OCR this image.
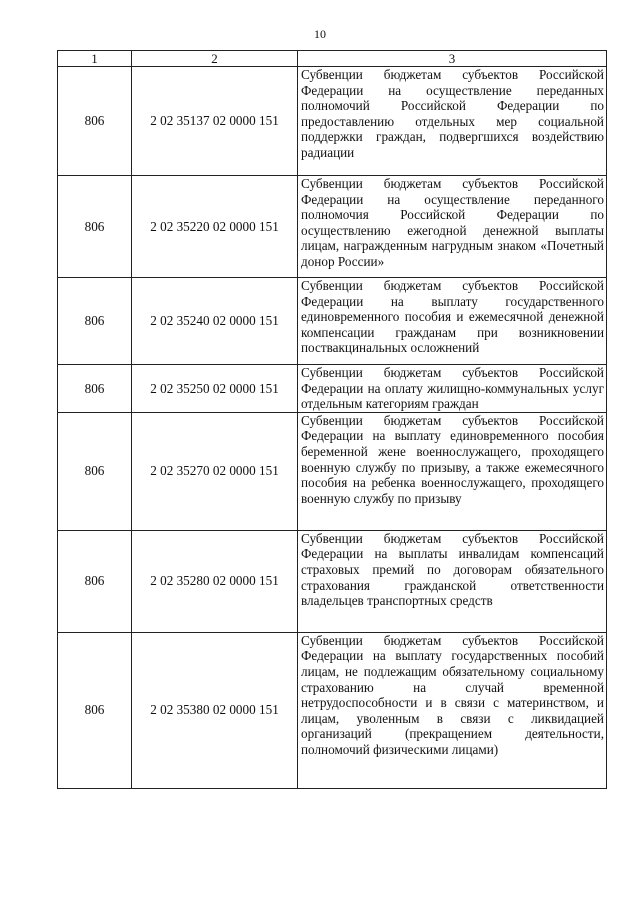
10
1	2	3
806	2 02 35137 02 0000 151	Субвенции бюджетам субъектов Российской Федерации на осуществление переданных полномочий Российской Федерации по предоставлению отдельных мер социальной поддержки граждан, подвергшихся воздействию радиации
806	2 02 35220 02 0000 151	Субвенции бюджетам субъектов Российской Федерации на осуществление переданного полномочия Российской Федерации по осуществлению ежегодной денежной выплаты лицам, награжденным нагрудным знаком «Почетный донор России»
806	2 02 35240 02 0000 151	Субвенции бюджетам субъектов Российской Федерации на выплату государственного единовременного пособия и ежемесячной денежной компенсации гражданам при возникновении поствакцинальных осложнений
806	2 02 35250 02 0000 151	Субвенции бюджетам субъектов Российской Федерации на оплату жилищно-коммунальных услуг отдельным категориям граждан
806	2 02 35270 02 0000 151	Субвенции бюджетам субъектов Российской Федерации на выплату единовременного пособия беременной жене военнослужащего, проходящего военную службу по призыву, а также ежемесячного пособия на ребенка военнослужащего, проходящего военную службу по призыву
806	2 02 35280 02 0000 151	Субвенции бюджетам субъектов Российской Федерации на выплаты инвалидам компенсаций страховых премий по договорам обязательного страхования гражданской ответственности владельцев транспортных средств
806	2 02 35380 02 0000 151	Субвенции бюджетам субъектов Российской Федерации на выплату государственных пособий лицам, не подлежащим обязательному социальному страхованию на случай временной нетрудоспособности и в связи с материнством, и лицам, уволенным в связи с ликвидацией организаций (прекращением деятельности, полномочий физическими лицами)
